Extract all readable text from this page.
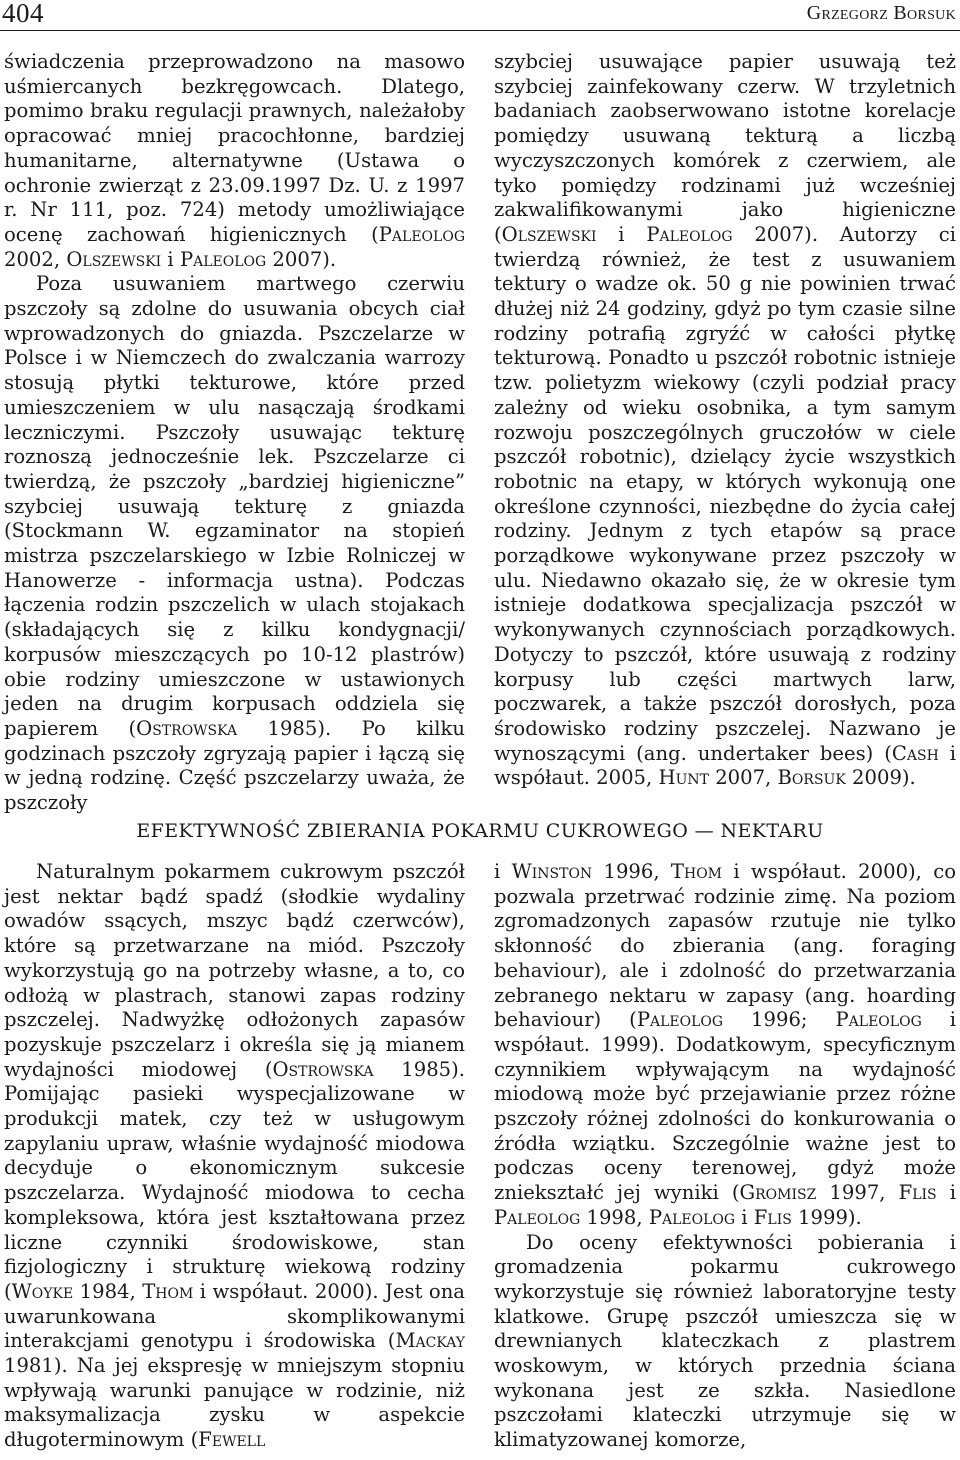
404	Grzegorz Borsuk

świadczenia przeprowadzono na masowo uśmiercanych bezkręgowcach. Dlatego, pomimo braku regulacji prawnych, należałoby opracować mniej pracochłonne, bardziej humanitarne, alternatywne (Ustawa o ochronie zwierząt z 23.09.1997 Dz. U. z 1997 r. Nr 111, poz. 724) metody umożliwiające ocenę zachowań higienicznych (Paleolog 2002, Olszewski i Paleolog 2007).

Poza usuwaniem martwego czerwiu pszczoły są zdolne do usuwania obcych ciał wprowadzonych do gniazda. Pszczelarze w Polsce i w Niemczech do zwalczania warrozy stosują płytki tekturowe, które przed umieszczeniem w ulu nasączają środkami leczniczymi. Pszczoły usuwając tekturę roznoszą jednocześnie lek. Pszczelarze ci twierdzą, że pszczoły „bardziej higieniczne” szybciej usuwają tekturę z gniazda (Stockmann W. egzaminator na stopień mistrza pszczelarskiego w Izbie Rolniczej w Hanowerze - informacja ustna). Podczas łączenia rodzin pszczelich w ulach stojakach (składających się z kilku kondygnacji/ korpusów mieszczących po 10-12 plastrów) obie rodziny umieszczone w ustawionych jeden na drugim korpusach oddziela się papierem (Ostrowska 1985). Po kilku godzinach pszczoły zgryzają papier i łączą się w jedną rodzinę. Część pszczelarzy uważa, że pszczoły

szybciej usuwające papier usuwają też szybciej zainfekowany czerw. W trzyletnich badaniach zaobserwowano istotne korelacje pomiędzy usuwaną tekturą a liczbą wyczyszczonych komórek z czerwiem, ale tyko pomiędzy rodzinami już wcześniej zakwalifikowanymi jako higieniczne (Olszewski i Paleolog 2007). Autorzy ci twierdzą również, że test z usuwaniem tektury o wadze ok. 50 g nie powinien trwać dłużej niż 24 godziny, gdyż po tym czasie silne rodziny potrafią zgryźć w całości płytkę tekturową. Ponadto u pszczół robotnic istnieje tzw. polietyzm wiekowy (czyli podział pracy zależny od wieku osobnika, a tym samym rozwoju poszczególnych gruczołów w ciele pszczół robotnic), dzielący życie wszystkich robotnic na etapy, w których wykonują one określone czynności, niezbędne do życia całej rodziny. Jednym z tych etapów są prace porządkowe wykonywane przez pszczoły w ulu. Niedawno okazało się, że w okresie tym istnieje dodatkowa specjalizacja pszczół w wykonywanych czynnościach porządkowych. Dotyczy to pszczół, które usuwają z rodziny korpusy lub części martwych larw, poczwarek, a także pszczół dorosłych, poza środowisko rodziny pszczelej. Nazwano je wynoszącymi (ang. undertaker bees) (Cash i współaut. 2005, Hunt 2007, Borsuk 2009).

EFEKTYWNOŚĆ ZBIERANIA POKARMU CUKROWEGO — NEKTARU

Naturalnym pokarmem cukrowym pszczół jest nektar bądź spadź (słodkie wydaliny owadów ssących, mszyc bądź czerwców), które są przetwarzane na miód. Pszczoły wykorzystują go na potrzeby własne, a to, co odłożą w plastrach, stanowi zapas rodziny pszczelej. Nadwyżkę odłożonych zapasów pozyskuje pszczelarz i określa się ją mianem wydajności miodowej (Ostrowska 1985). Pomijając pasieki wyspecjalizowane w produkcji matek, czy też w usługowym zapylaniu upraw, właśnie wydajność miodowa decyduje o ekonomicznym sukcesie pszczelarza. Wydajność miodowa to cecha kompleksowa, która jest kształtowana przez liczne czynniki środowiskowe, stan fizjologiczny i strukturę wiekową rodziny (Woyke 1984, Thom i współaut. 2000). Jest ona uwarunkowana skomplikowanymi interakcjami genotypu i środowiska (Mackay 1981). Na jej ekspresję w mniejszym stopniu wpływają warunki panujące w rodzinie, niż maksymalizacja zysku w aspekcie długoterminowym (Fewell

i Winston 1996, Thom i współaut. 2000), co pozwala przetrwać rodzinie zimę. Na poziom zgromadzonych zapasów rzutuje nie tylko skłonność do zbierania (ang. foraging behaviour), ale i zdolność do przetwarzania zebranego nektaru w zapasy (ang. hoarding behaviour) (Paleolog 1996; Paleolog i współaut. 1999). Dodatkowym, specyficznym czynnikiem wpływającym na wydajność miodową może być przejawianie przez różne pszczoły różnej zdolności do konkurowania o źródła wziątku. Szczególnie ważne jest to podczas oceny terenowej, gdyż może zniekształć jej wyniki (Gromisz 1997, Flis i Paleolog 1998, Paleolog i Flis 1999).

Do oceny efektywności pobierania i gromadzenia pokarmu cukrowego wykorzystuje się również laboratoryjne testy klatkowe. Grupę pszczół umieszcza się w drewnianych klateczkach z plastrem woskowym, w których przednia ściana wykonana jest ze szkła. Nasiedlone pszczołami klateczki utrzymuje się w klimatyzowanej komorze,
